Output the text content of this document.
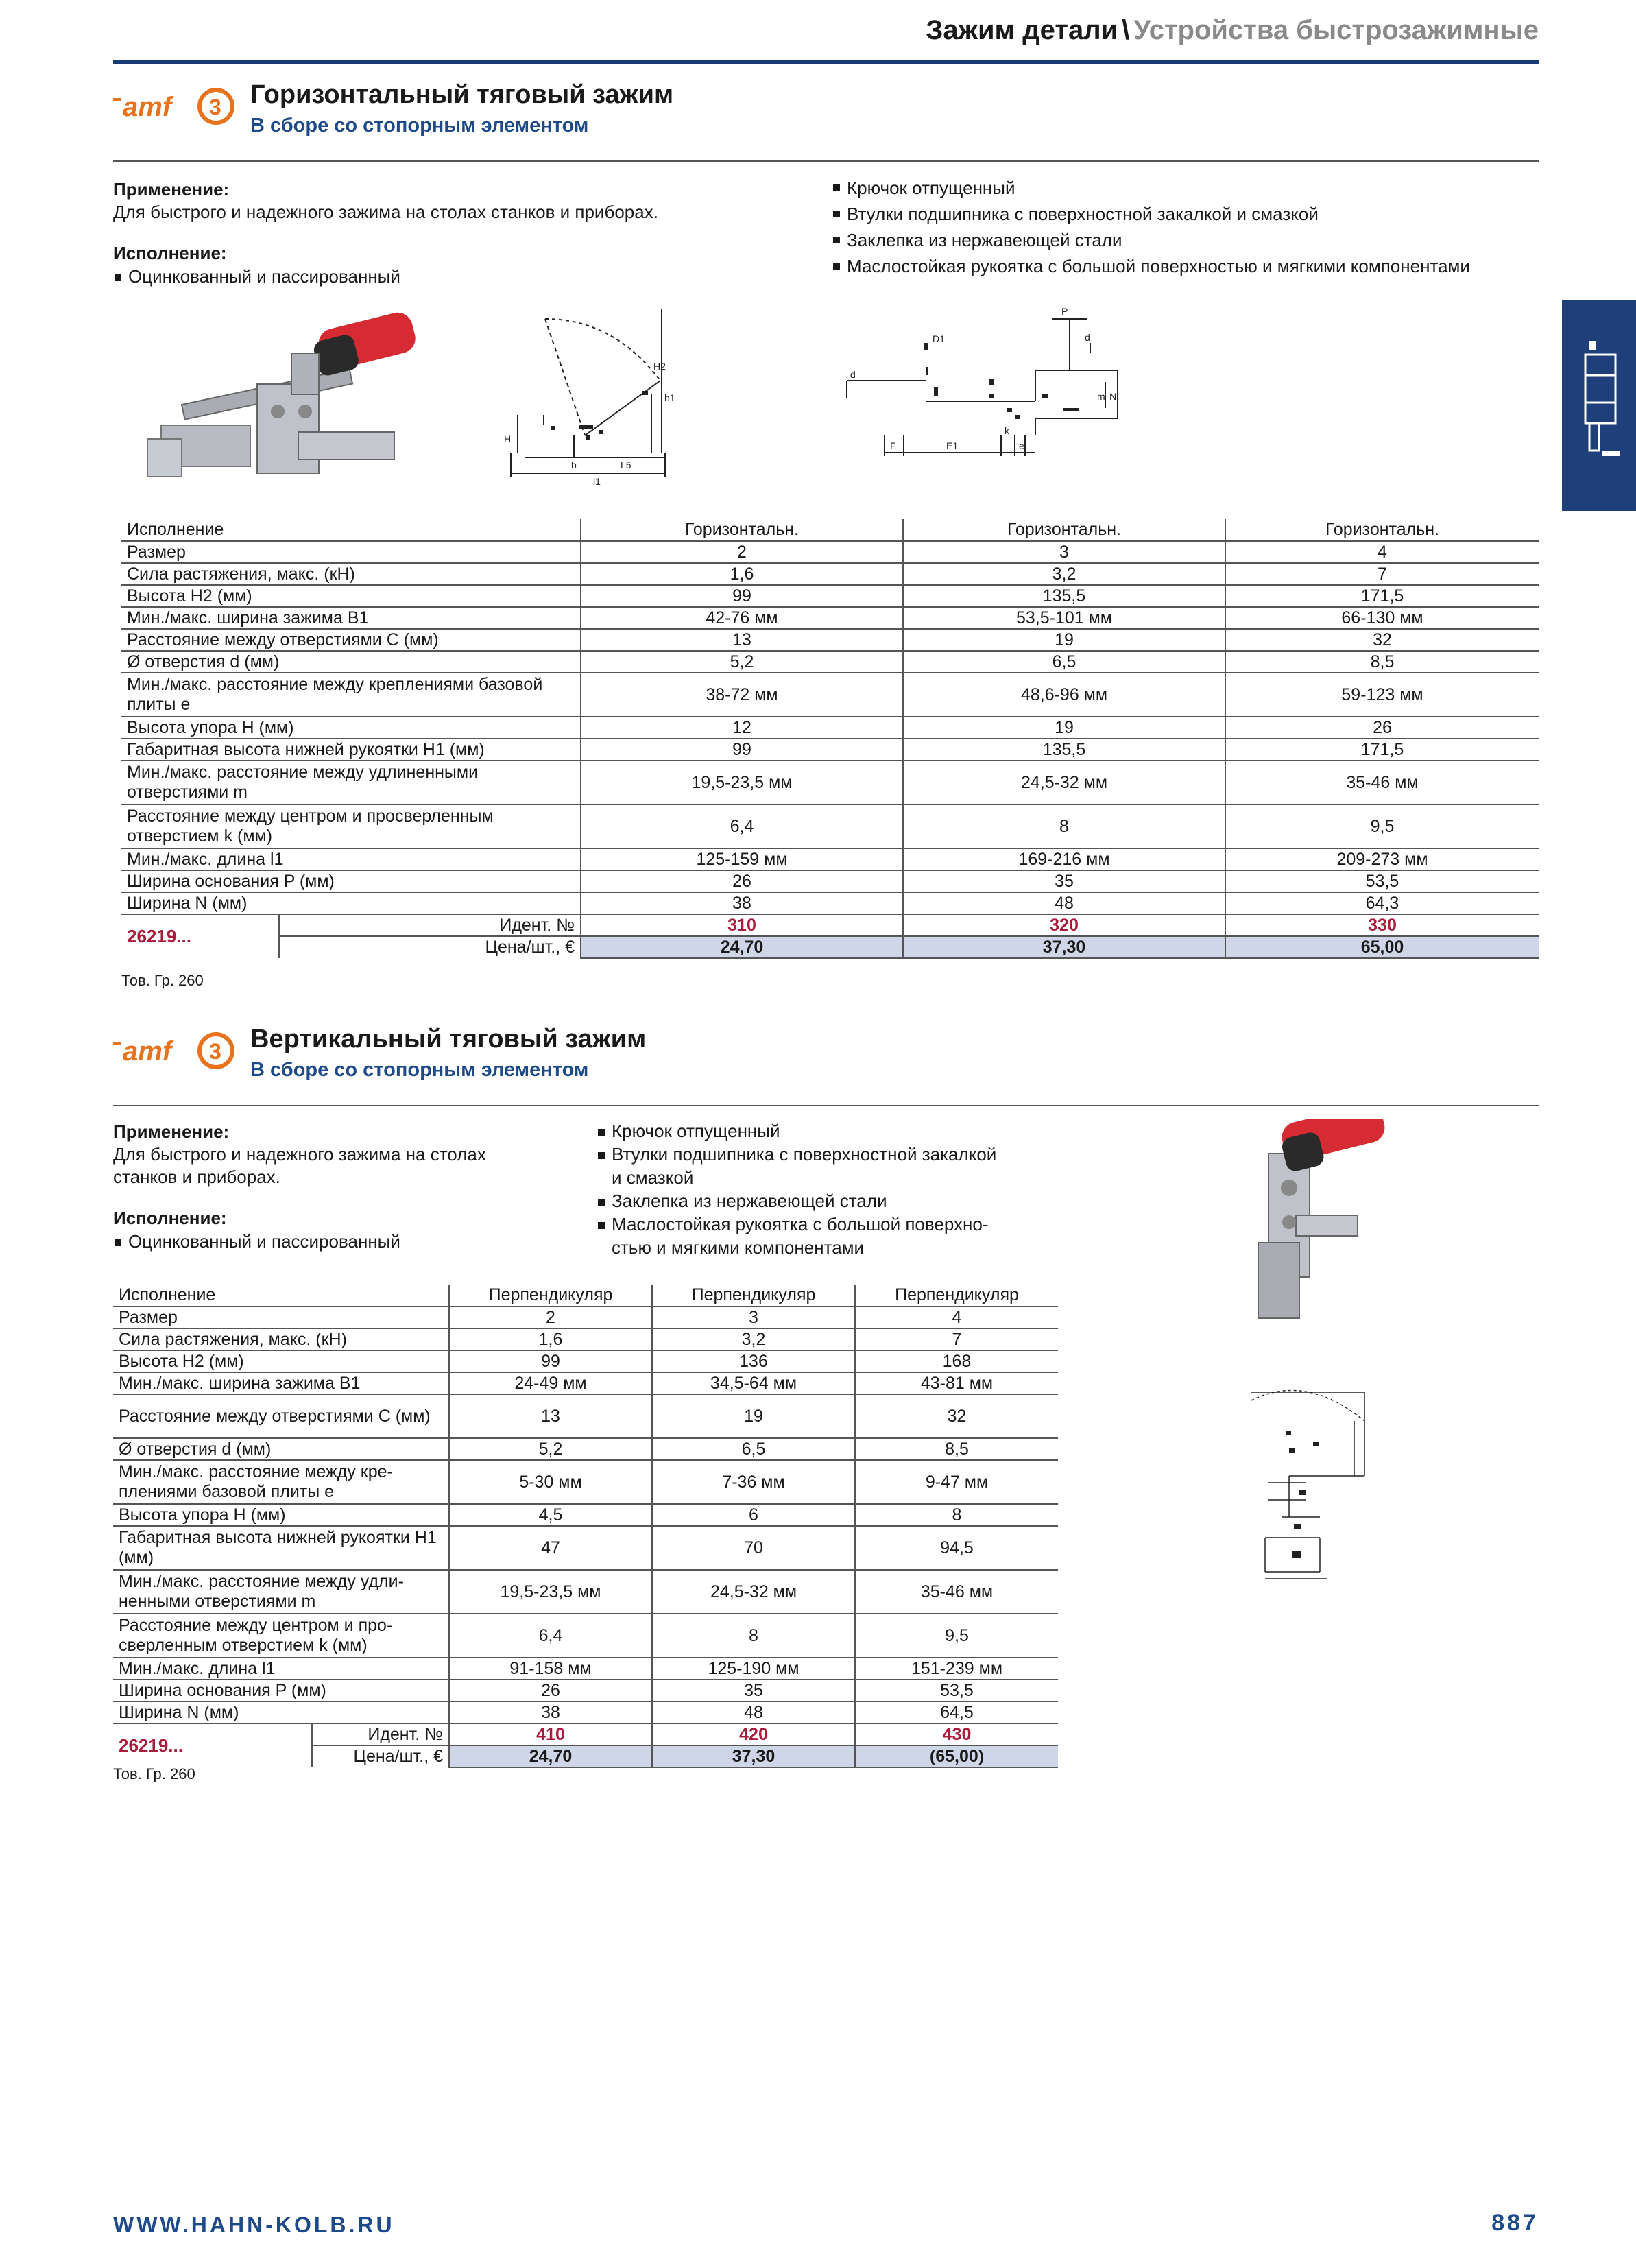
Зажим детали \ Устройства быстрозажимные
amf 3 Горизонтальный тяговый зажим
В сборе со стопорным элементом
Применение:
Для быстрого и надежного зажима на столах станков и приборах.
Исполнение:
Оцинкованный и пассированный
Крючок отпущенный
Втулки подшипника с поверхностной закалкой и смазкой
Заклепка из нержавеющей стали
Маслостойкая рукоятка с большой поверхностью и мягкими компонентами
H2
h1
H
b	L5
l1
P
D1	d
d
m N
F	E1
k
e
Исполнение		Горизонтальн.	Горизонтальн.	Горизонтальн.
Размер		2	3	4
Сила растяжения, макс. (кН)		1,6	3,2	7
Высота H2 (мм)		99	135,5	171,5
Мин./макс. ширина зажима B1		42-76 мм	53,5-101 мм	66-130 мм
Расстояние между отверстиями C (мм)		13	19	32
Ø отверстия d (мм)		5,2	6,5	8,5
Мин./макс. расстояние между креплениями базовой плиты e		38-72 мм	48,6-96 мм	59-123 мм
Высота упора H (мм)		12	19	26
Габаритная высота нижней рукоятки H1 (мм)		99	135,5	171,5
Мин./макс. расстояние между удлиненными отверстиями m		19,5-23,5 мм	24,5-32 мм	35-46 мм
Расстояние между центром и просверленным отверстием k (мм)		6,4	8	9,5
Мин./макс. длина l1		125-159 мм	169-216 мм	209-273 мм
Ширина основания P (мм)		26	35	53,5
Ширина N (мм)		38	48	64,3
26219...	Идент. №	310	320	330
	Цена/шт., €	24,70	37,30	65,00
Тов. Гр. 260
amf 3 Вертикальный тяговый зажим
В сборе со стопорным элементом
Применение:
Для быстрого и надежного зажима на столах
станков и приборах.
Исполнение:
Оцинкованный и пассированный
Крючок отпущенный
Втулки подшипника с поверхностной закалкой
и смазкой
Заклепка из нержавеющей стали
Маслостойкая рукоятка с большой поверхно-
стью и мягкими компонентами
Исполнение		Перпендикуляр	Перпендикуляр	Перпендикуляр
Размер		2	3	4
Сила растяжения, макс. (кН)		1,6	3,2	7
Высота H2 (мм)		99	136	168
Мин./макс. ширина зажима B1		24-49 мм	34,5-64 мм	43-81 мм
Расстояние между отверстиями C (мм)		13	19	32
Ø отверстия d (мм)		5,2	6,5	8,5
Мин./макс. расстояние между кре-плениями базовой плиты e		5-30 мм	7-36 мм	9-47 мм
Высота упора H (мм)		4,5	6	8
Габаритная высота нижней рукоятки H1 (мм)		47	70	94,5
Мин./макс. расстояние между удли-ненными отверстиями m		19,5-23,5 мм	24,5-32 мм	35-46 мм
Расстояние между центром и про-сверленным отверстием k (мм)		6,4	8	9,5
Мин./макс. длина l1		91-158 мм	125-190 мм	151-239 мм
Ширина основания P (мм)		26	35	53,5
Ширина N (мм)		38	48	64,5
26219...	Идент. №	410	420	430
	Цена/шт., €	24,70	37,30	(65,00)
Тов. Гр. 260
WWW.HAHN-KOLB.RU	887
